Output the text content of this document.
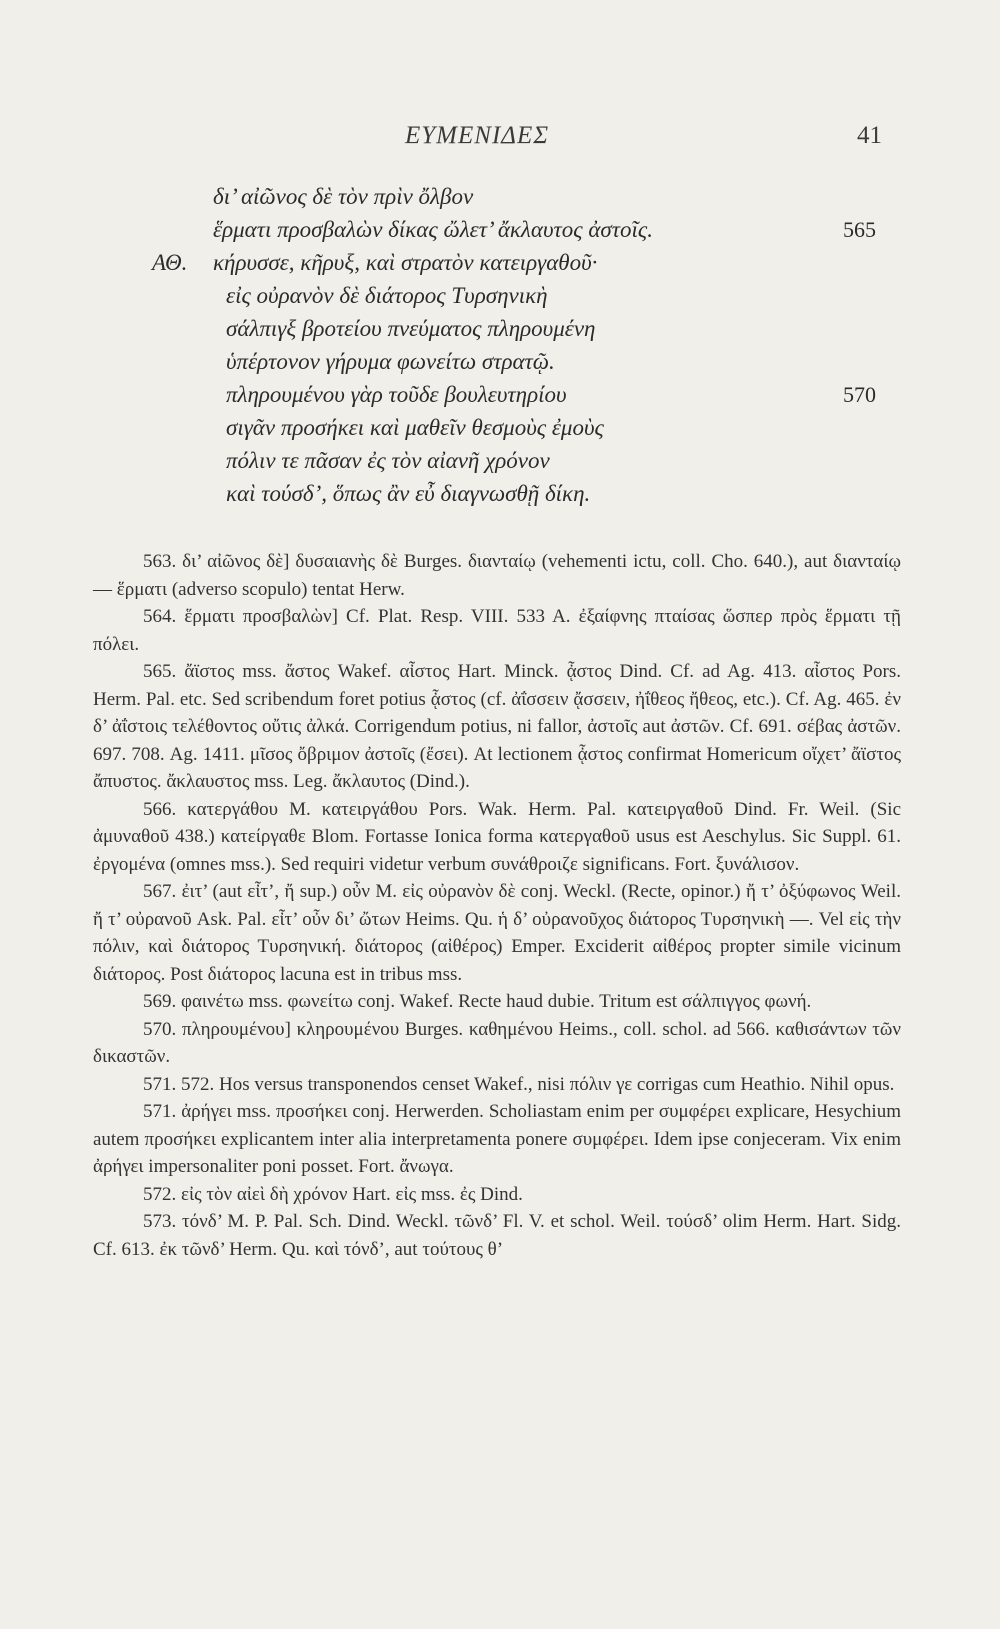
ΕΥΜΕΝΙΔΕΣ	41
δι’ αἰῶνος δὲ τὸν πρὶν ὄλβον
ἕρματι προσβαλὼν δίκας ὤλετ’ ἄκλαυτος ἀστοῖς.	565
ΑΘ. κήρυσσε, κῆρυξ, καὶ στρατὸν κατειργαθοῦ·
εἰς οὐρανὸν δὲ διάτορος Τυρσηνικὴ
σάλπιγξ βροτείου πνεύματος πληρουμένη
ὑπέρτονον γήρυμα φωνείτω στρατῷ.
πληρουμένου γὰρ τοῦδε βουλευτηρίου	570
σιγᾶν προσήκει καὶ μαθεῖν θεσμοὺς ἐμοὺς
πόλιν τε πᾶσαν ἐς τὸν αἰανῆ χρόνον
καὶ τούσδ’, ὅπως ἂν εὖ διαγνωσθῇ δίκη.

563. δι’ αἰῶνος δὲ] δυσαιανὴς δὲ Burges. διανταίῳ (vehementi ictu, coll. Cho. 640.), aut διανταίῳ — ἕρματι (adverso scopulo) tentat Herw.

564. ἕρματι προσβαλὼν] Cf. Plat. Resp. VIII. 533 A. ἐξαίφνης πταίσας ὥσπερ πρὸς ἕρματι τῇ πόλει.

565. ἄϊστος mss. ἄστος Wakef. αἶστος Hart. Minck. ᾆστος Dind. Cf. ad Ag. 413. αἶστος Pors. Herm. Pal. etc. Sed scribendum foret potius ᾆστος (cf. ἀΐσσειν ᾄσσειν, ἠΐθεος ἤθεος, etc.). Cf. Ag. 465. ἐν δ’ ἀΐστοις τελέθοντος οὔτις ἀλκά. Corrigendum potius, ni fallor, ἀστοῖς aut ἀστῶν. Cf. 691. σέβας ἀστῶν. 697. 708. Ag. 1411. μῖσος ὄβριμον ἀστοῖς (ἔσει). At lectionem ᾆστος confirmat Homericum οἴχετ’ ἄϊστος ἄπυστος. ἄκλαυστος mss. Leg. ἄκλαυτος (Dind.).

566. κατεργάθου M. κατειργάθου Pors. Wak. Herm. Pal. κατειργαθοῦ Dind. Fr. Weil. (Sic ἀμυναθοῦ 438.) κατείργαθε Blom. Fortasse Ionica forma κατεργαθοῦ usus est Aeschylus. Sic Suppl. 61. ἐργομένα (omnes mss.). Sed requiri videtur verbum συνάθροιζε significans. Fort. ξυνάλισον.

567. ἐιτ’ (aut εἶτ’, ἤ sup.) οὖν M. εἰς οὐρανὸν δὲ conj. Weckl. (Recte, opinor.) ἤ τ’ ὀξύφωνος Weil. ἤ τ’ οὐρανοῦ Ask. Pal. εἶτ’ οὖν δι’ ὤτων Heims. Qu. ἡ δ’ οὐρανοῦχος διάτορος Τυρσηνικὴ —. Vel εἰς τὴν πόλιν, καὶ διάτορος Τυρσηνική. διάτορος (αἰθέρος) Emper. Exciderit αἰθέρος propter simile vicinum διάτορος. Post διάτορος lacuna est in tribus mss.

569. φαινέτω mss. φωνείτω conj. Wakef. Recte haud dubie. Tritum est σάλπιγγος φωνή.

570. πληρουμένου] κληρουμένου Burges. καθημένου Heims., coll. schol. ad 566. καθισάντων τῶν δικαστῶν.

571. 572. Hos versus transponendos censet Wakef., nisi πόλιν γε corrigas cum Heathio. Nihil opus.

571. ἀρήγει mss. προσήκει conj. Herwerden. Scholiastam enim per συμφέρει explicare, Hesychium autem προσήκει explicantem inter alia interpretamenta ponere συμφέρει. Idem ipse conjeceram. Vix enim ἀρήγει impersonaliter poni posset. Fort. ἄνωγα.

572. εἰς τὸν αἰεὶ δὴ χρόνον Hart. εἰς mss. ἐς Dind.

573. τόνδ’ M. P. Pal. Sch. Dind. Weckl. τῶνδ’ Fl. V. et schol. Weil. τούσδ’ olim Herm. Hart. Sidg. Cf. 613. ἐκ τῶνδ’ Herm. Qu. καὶ τόνδ’, aut τούτους θ’
